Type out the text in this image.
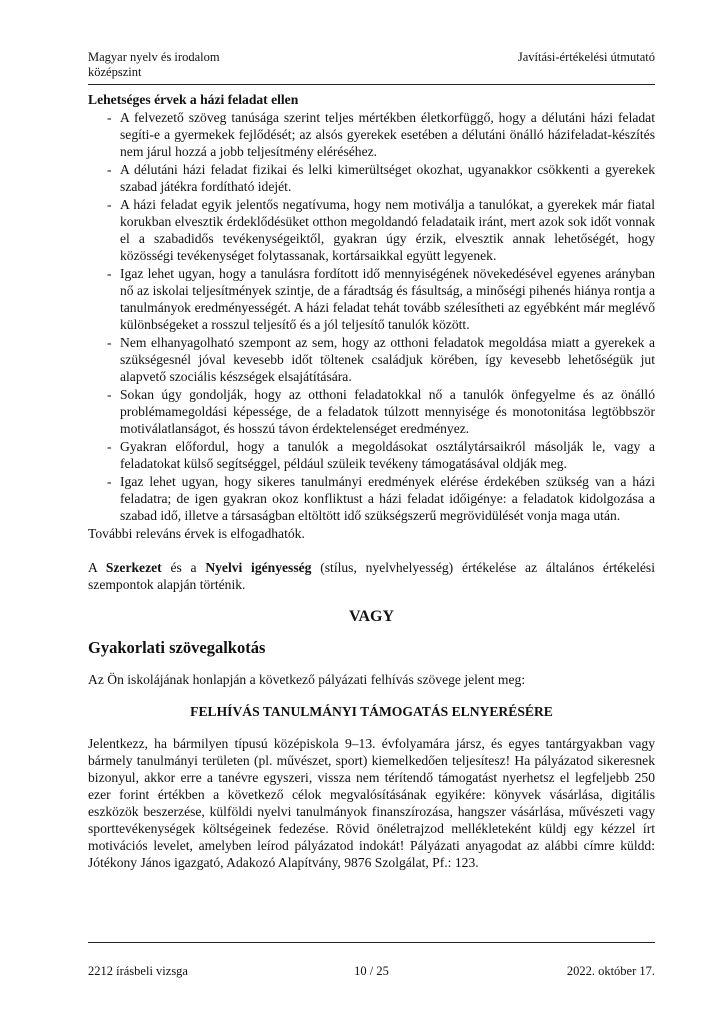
Magyar nyelv és irodalom
középszint
Javítási-értékelési útmutató
Lehetséges érvek a házi feladat ellen
- A felvezető szöveg tanúsága szerint teljes mértékben életkorfüggő, hogy a délutáni házi feladat segíti-e a gyermekek fejlődését; az alsós gyerekek esetében a délutáni önálló házifeladat-készítés nem járul hozzá a jobb teljesítmény eléréséhez.
- A délutáni házi feladat fizikai és lelki kimerültséget okozhat, ugyanakkor csökkenti a gyerekek szabad játékra fordítható idejét.
- A házi feladat egyik jelentős negatívuma, hogy nem motiválja a tanulókat, a gyerekek már fiatal korukban elvesztik érdeklődésüket otthon megoldandó feladataik iránt, mert azok sok időt vonnak el a szabadidős tevékenységeiktől, gyakran úgy érzik, elvesztik annak lehetőségét, hogy közösségi tevékenységet folytassanak, kortársaikkal együtt legyenek.
- Igaz lehet ugyan, hogy a tanulásra fordított idő mennyiségének növekedésével egyenes arányban nő az iskolai teljesítmények szintje, de a fáradtság és fásultság, a minőségi pihenés hiánya rontja a tanulmányok eredményességét. A házi feladat tehát tovább szélesítheti az egyébként már meglévő különbségeket a rosszul teljesítő és a jól teljesítő tanulók között.
- Nem elhanyagolható szempont az sem, hogy az otthoni feladatok megoldása miatt a gyerekek a szükségesnél jóval kevesebb időt töltenek családjuk körében, így kevesebb lehetőségük jut alapvető szociális készségek elsajátítására.
- Sokan úgy gondolják, hogy az otthoni feladatokkal nő a tanulók önfegyelme és az önálló problémamegoldási képessége, de a feladatok túlzott mennyisége és monotonitása legtöbbször motiválatlanságot, és hosszú távon érdektelenséget eredményez.
- Gyakran előfordul, hogy a tanulók a megoldásokat osztálytársaikról másolják le, vagy a feladatokat külső segítséggel, például szüleik tevékeny támogatásával oldják meg.
- Igaz lehet ugyan, hogy sikeres tanulmányi eredmények elérése érdekében szükség van a házi feladatra; de igen gyakran okoz konfliktust a házi feladat időigénye: a feladatok kidolgozása a szabad idő, illetve a társaságban eltöltött idő szükségszerű megrövidülését vonja maga után.
További releváns érvek is elfogadhatók.
A Szerkezet és a Nyelvi igényesség (stílus, nyelvhelyesség) értékelése az általános értékelési szempontok alapján történik.
VAGY
Gyakorlati szövegalkotás
Az Ön iskolájának honlapján a következő pályázati felhívás szövege jelent meg:
FELHÍVÁS TANULMÁNYI TÁMOGATÁS ELNYERÉSÉRE
Jelentkezz, ha bármilyen típusú középiskola 9–13. évfolyamára jársz, és egyes tantárgyakban vagy bármely tanulmányi területen (pl. művészet, sport) kiemelkedően teljesítesz! Ha pályázatod sikeresnek bizonyul, akkor erre a tanévre egyszeri, vissza nem térítendő támogatást nyerhetsz el legfeljebb 250 ezer forint értékben a következő célok megvalósításának egyikére: könyvek vásárlása, digitális eszközök beszerzése, külföldi nyelvi tanulmányok finanszírozása, hangszer vásárlása, művészeti vagy sporttevékenységek költségeinek fedezése. Rövid önéletrajzod mellékleteként küldj egy kézzel írt motivációs levelet, amelyben leírod pályázatod indokát! Pályázati anyagodat az alábbi címre küldd: Jótékony János igazgató, Adakozó Alapítvány, 9876 Szolgálat, Pf.: 123.
2212 írásbeli vizsga	10 / 25	2022. október 17.
